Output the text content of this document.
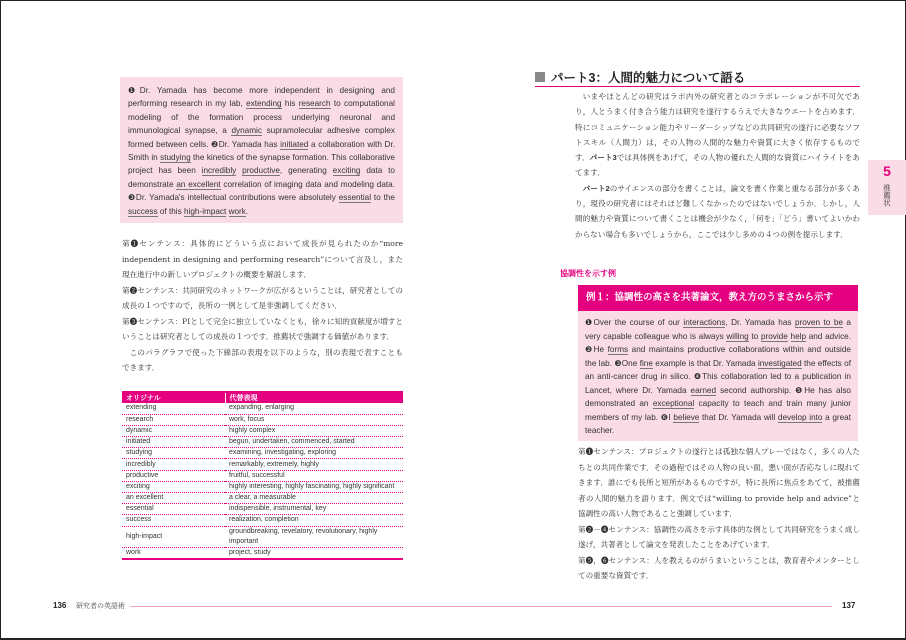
❶Dr. Yamada has become more independent in designing and performing research in my lab, extending his research to computational modeling of the formation process underlying neuronal and immunological synapse, a dynamic supramolecular adhesive complex formed between cells. ❷Dr. Yamada has initiated a collaboration with Dr. Smith in studying the kinetics of the synapse formation. This collaborative project has been incredibly productive, generating exciting data to demonstrate an excellent correlation of imaging data and modeling data. ❸Dr. Yamada's intellectual contributions were absolutely essential to the success of this high-impact work.

第❶センテンス：具体的にどういう点において成長が見られたのか“more independent in designing and performing research”について言及し，また現在進行中の新しいプロジェクトの概要を解説します．

第❷センテンス：共同研究のネットワークが広がるということは，研究者としての成長の１つですので，長所の一例として是非強調してください．

第❸センテンス：PIとして完全に独立していなくとも，徐々に知的貢献度が増すということは研究者としての成長の１つです．推薦状で強調する価値があります．

このパラグラフで使った下線部の表現を以下のような，別の表現で表すこともできます．

オリジナル	代替表現
extending	expanding, enlarging
research	work, focus
dynamic	highly complex
initiated	begun, undertaken, commenced, started
studying	examining, investigating, exploring
incredibly	remarkably, extremely, highly
productive	fruitful, successful
exciting	highly interesting, highly fascinating, highly significant
an excellent	a clear, a measurable
essential	indispensible, instrumental, key
success	realization, completion
high-impact	groundbreaking, revelatory, revolutionary, highly important
work	project, study
パート3：人間的魅力について語る

いまやほとんどの研究はラボ内外の研究者とのコラボレーションが不可欠であり，人とうまく付き合う能力は研究を遂行するうえで大きなウエートを占めます．特にコミュニケーション能力やリーダーシップなどの共同研究の遂行に必要なソフトスキル（人間力）は，その人物の人間的な魅力や資質に大きく依存するものです．パート3では具体例をあげて，その人物の優れた人間的な資質にハイライトをあてます．

パート2のサイエンスの部分を書くことは，論文を書く作業と重なる部分が多くあり，現役の研究者にはそれほど難しくなかったのではないでしょうか．しかし，人間的魅力や資質について書くことは機会が少なく，「何を」「どう」書いてよいかわからない場合も多いでしょうから，ここでは少し多めの４つの例を提示します．

協調性を示す例
例１：協調性の高さを共著論文，教え方のうまさから示す
❶Over the course of our interactions, Dr. Yamada has proven to be a very capable colleague who is always willing to provide help and advice. ❷He forms and maintains productive collaborations within and outside the lab. ❸One fine example is that Dr. Yamada investigated the effects of an anti-cancer drug in silico. ❹This collaboration led to a publication in Lancet, where Dr. Yamada earned second authorship. ❺He has also demonstrated an exceptional capacity to teach and train many junior members of my lab. ❻I believe that Dr. Yamada will develop into a great teacher.

第❶センテンス：プロジェクトの遂行とは孤独な個人プレーではなく，多くの人たちとの共同作業です．その過程ではその人物の良い面，悪い面が否応なしに現れてきます．誰にでも長所と短所があるものですが，特に長所に焦点をあてて，被推薦者の人間的魅力を語ります．例文では“willing to provide help and advice”と協調性の高い人物であること強調しています．

第❷－❹センテンス：協調性の高さを示す具体的な例として共同研究をうまく成し遂げ，共著者として論文を発表したことをあげています．

第❺，❻センテンス：人を教えるのがうまいということは，教育者やメンターとしての重要な資質です．

5
推薦状
136	研究者の英語術	137
